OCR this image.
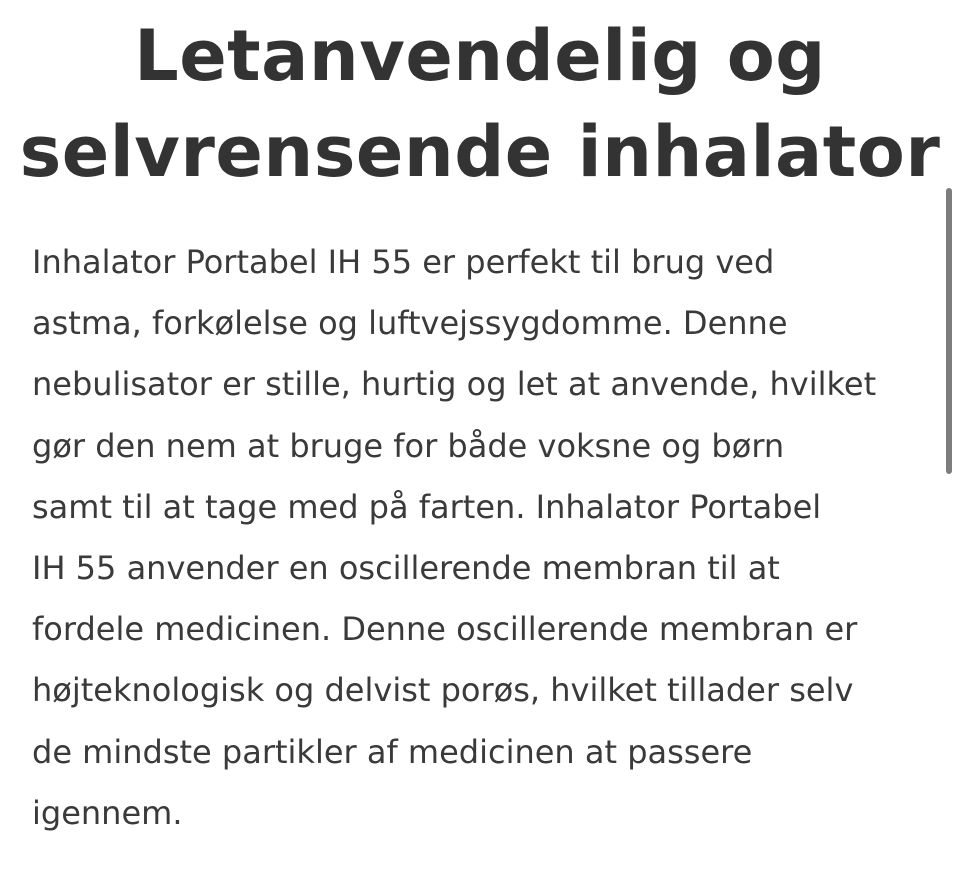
Letanvendelig og
selvrensende inhalator

Inhalator Portabel IH 55 er perfekt til brug ved
astma, forkølelse og luftvejssygdomme. Denne
nebulisator er stille, hurtig og let at anvende, hvilket
gør den nem at bruge for både voksne og børn
samt til at tage med på farten. Inhalator Portabel
IH 55 anvender en oscillerende membran til at
fordele medicinen. Denne oscillerende membran er
højteknologisk og delvist porøs, hvilket tillader selv
de mindste partikler af medicinen at passere
igennem.
